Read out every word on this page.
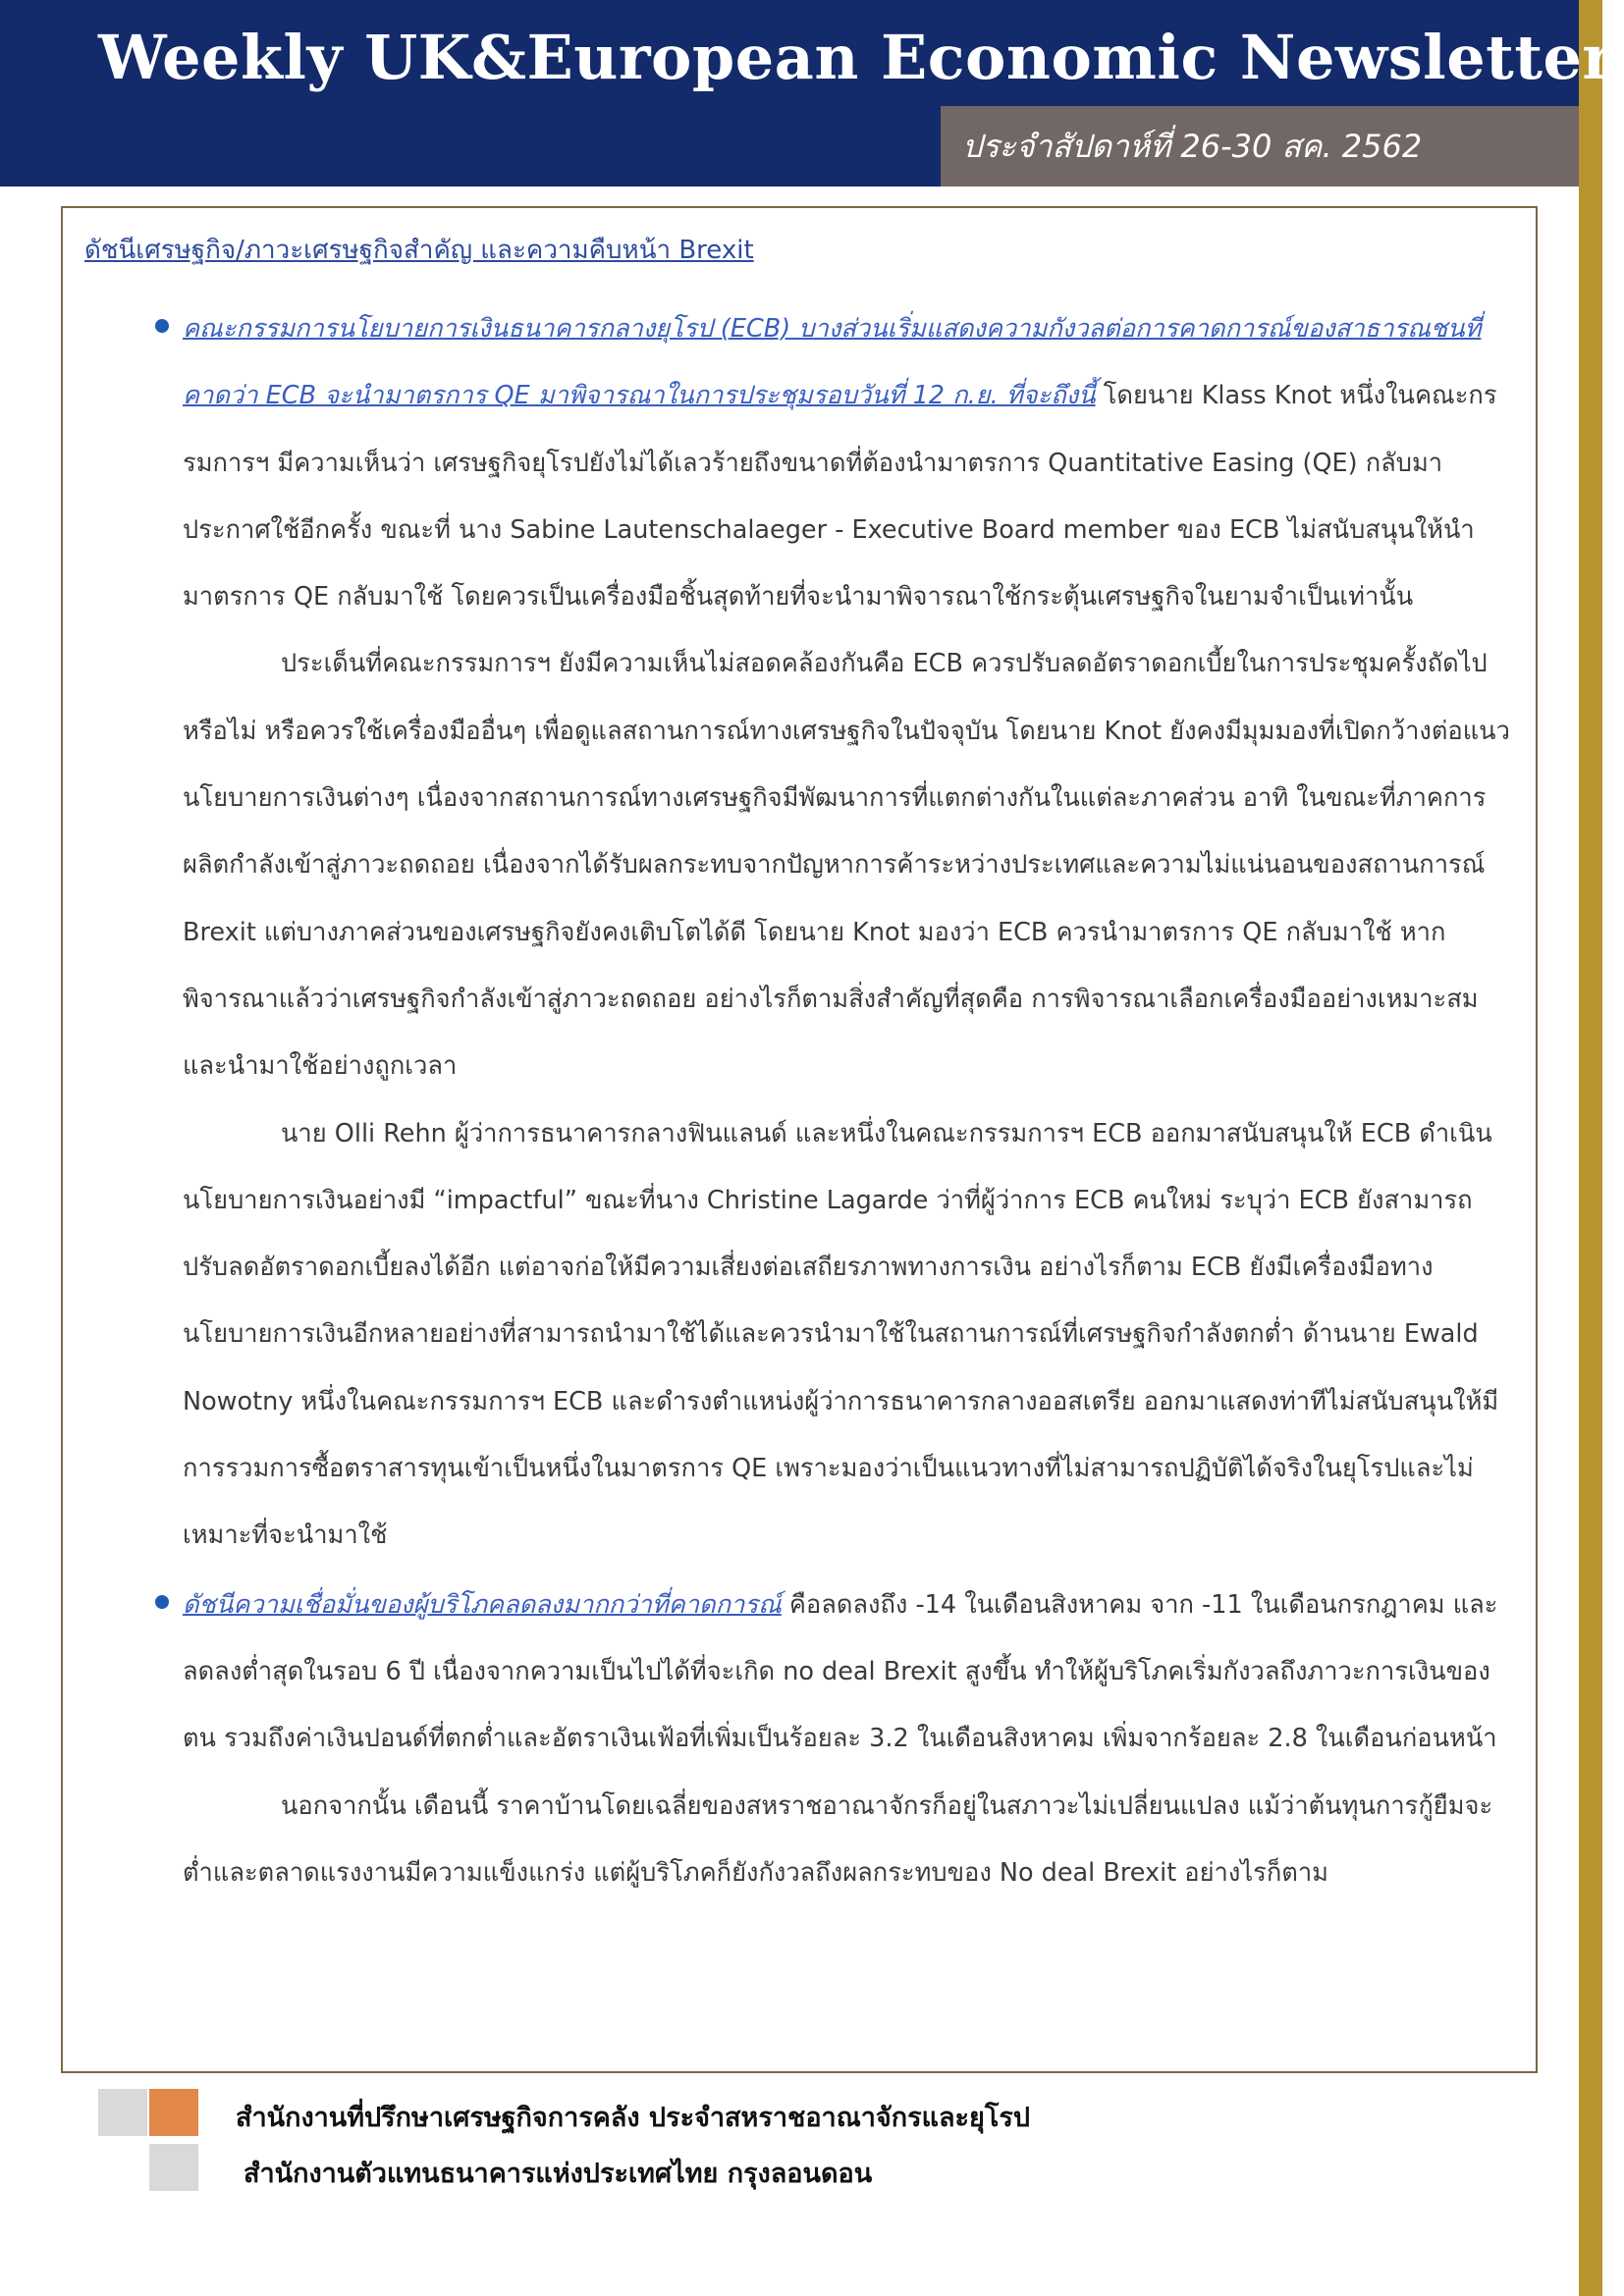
Weekly UK&European Economic Newsletter
ประจำสัปดาห์ที่ 26-30 สค. 2562
ดัชนีเศรษฐกิจ/ภาวะเศรษฐกิจสำคัญ และความคืบหน้า Brexit

คณะกรรมการนโยบายการเงินธนาคารกลางยุโรป (ECB) บางส่วนเริ่มแสดงความกังวลต่อการคาดการณ์ของสาธารณชนที่คาดว่า ECB จะนำมาตรการ QE มาพิจารณาในการประชุมรอบวันที่ 12 ก.ย. ที่จะถึงนี้ โดยนาย Klass Knot หนึ่งในคณะกรรมการฯ มีความเห็นว่า เศรษฐกิจยุโรปยังไม่ได้เลวร้ายถึงขนาดที่ต้องนำมาตรการ Quantitative Easing (QE) กลับมาประกาศใช้อีกครั้ง ขณะที่ นาง Sabine Lautenschalaeger - Executive Board member ของ ECB ไม่สนับสนุนให้นำมาตรการ QE กลับมาใช้ โดยควรเป็นเครื่องมือชิ้นสุดท้ายที่จะนำมาพิจารณาใช้กระตุ้นเศรษฐกิจในยามจำเป็นเท่านั้น

ประเด็นที่คณะกรรมการฯ ยังมีความเห็นไม่สอดคล้องกันคือ ECB ควรปรับลดอัตราดอกเบี้ยในการประชุมครั้งถัดไปหรือไม่ หรือควรใช้เครื่องมืออื่นๆ เพื่อดูแลสถานการณ์ทางเศรษฐกิจในปัจจุบัน โดยนาย Knot ยังคงมีมุมมองที่เปิดกว้างต่อแนวนโยบายการเงินต่างๆ เนื่องจากสถานการณ์ทางเศรษฐกิจมีพัฒนาการที่แตกต่างกันในแต่ละภาคส่วน อาทิ ในขณะที่ภาคการผลิตกำลังเข้าสู่ภาวะถดถอย เนื่องจากได้รับผลกระทบจากปัญหาการค้าระหว่างประเทศและความไม่แน่นอนของสถานการณ์ Brexit แต่บางภาคส่วนของเศรษฐกิจยังคงเติบโตได้ดี โดยนาย Knot มองว่า ECB ควรนำมาตรการ QE กลับมาใช้ หากพิจารณาแล้วว่าเศรษฐกิจกำลังเข้าสู่ภาวะถดถอย อย่างไรก็ตามสิ่งสำคัญที่สุดคือ การพิจารณาเลือกเครื่องมืออย่างเหมาะสมและนำมาใช้อย่างถูกเวลา

นาย Olli Rehn ผู้ว่าการธนาคารกลางฟินแลนด์ และหนึ่งในคณะกรรมการฯ ECB ออกมาสนับสนุนให้ ECB ดำเนินนโยบายการเงินอย่างมี “impactful” ขณะที่นาง Christine Lagarde ว่าที่ผู้ว่าการ ECB คนใหม่ ระบุว่า ECB ยังสามารถปรับลดอัตราดอกเบี้ยลงได้อีก แต่อาจก่อให้มีความเสี่ยงต่อเสถียรภาพทางการเงิน อย่างไรก็ตาม ECB ยังมีเครื่องมือทางนโยบายการเงินอีกหลายอย่างที่สามารถนำมาใช้ได้และควรนำมาใช้ในสถานการณ์ที่เศรษฐกิจกำลังตกต่ำ ด้านนาย Ewald Nowotny หนึ่งในคณะกรรมการฯ ECB และดำรงตำแหน่งผู้ว่าการธนาคารกลางออสเตรีย ออกมาแสดงท่าทีไม่สนับสนุนให้มีการรวมการซื้อตราสารทุนเข้าเป็นหนึ่งในมาตรการ QE เพราะมองว่าเป็นแนวทางที่ไม่สามารถปฏิบัติได้จริงในยุโรปและไม่เหมาะที่จะนำมาใช้

ดัชนีความเชื่อมั่นของผู้บริโภคลดลงมากกว่าที่คาดการณ์ คือลดลงถึง -14 ในเดือนสิงหาคม จาก -11 ในเดือนกรกฎาคม และลดลงต่ำสุดในรอบ 6 ปี เนื่องจากความเป็นไปได้ที่จะเกิด no deal Brexit สูงขึ้น ทำให้ผู้บริโภคเริ่มกังวลถึงภาวะการเงินของตน รวมถึงค่าเงินปอนด์ที่ตกต่ำและอัตราเงินเฟ้อที่เพิ่มเป็นร้อยละ 3.2 ในเดือนสิงหาคม เพิ่มจากร้อยละ 2.8 ในเดือนก่อนหน้า

นอกจากนั้น เดือนนี้ ราคาบ้านโดยเฉลี่ยของสหราชอาณาจักรก็อยู่ในสภาวะไม่เปลี่ยนแปลง แม้ว่าต้นทุนการกู้ยืมจะต่ำและตลาดแรงงานมีความแข็งแกร่ง แต่ผู้บริโภคก็ยังกังวลถึงผลกระทบของ No deal Brexit อย่างไรก็ตาม

สำนักงานที่ปรึกษาเศรษฐกิจการคลัง ประจำสหราชอาณาจักรและยุโรป
สำนักงานตัวแทนธนาคารแห่งประเทศไทย กรุงลอนดอน
